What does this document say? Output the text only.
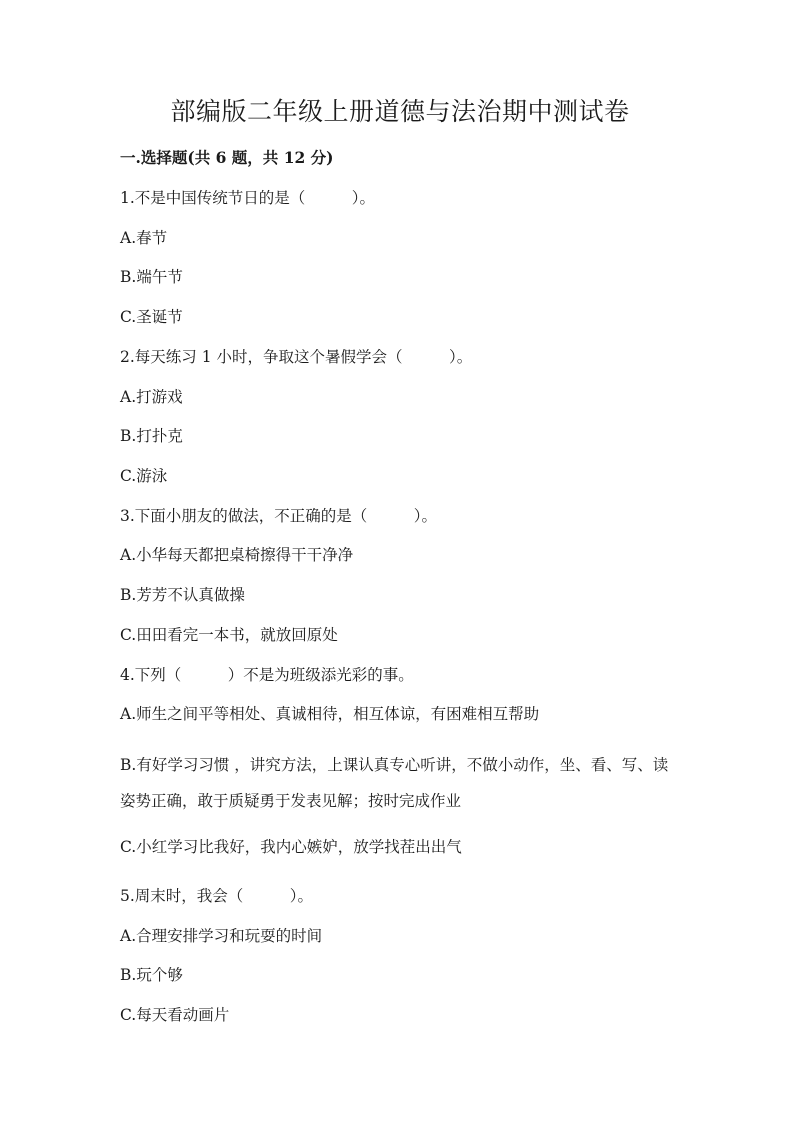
部编版二年级上册道德与法治期中测试卷
一.选择题(共 6 题，共 12 分)
1.不是中国传统节日的是（　　　）。
A.春节
B.端午节
C.圣诞节
2.每天练习 1 小时，争取这个暑假学会（　　　）。
A.打游戏
B.打扑克
C.游泳
3.下面小朋友的做法，不正确的是（　　　）。
A.小华每天都把桌椅擦得干干净净
B.芳芳不认真做操
C.田田看完一本书，就放回原处
4.下列（　　　）不是为班级添光彩的事。
A.师生之间平等相处、真诚相待，相互体谅，有困难相互帮助
B.有好学习习惯 ，讲究方法，上课认真专心听讲，不做小动作，坐、看、写、读姿势正确，敢于质疑勇于发表见解；按时完成作业
C.小红学习比我好，我内心嫉妒，放学找茬出出气
5.周末时，我会（　　　）。
A.合理安排学习和玩耍的时间
B.玩个够
C.每天看动画片
